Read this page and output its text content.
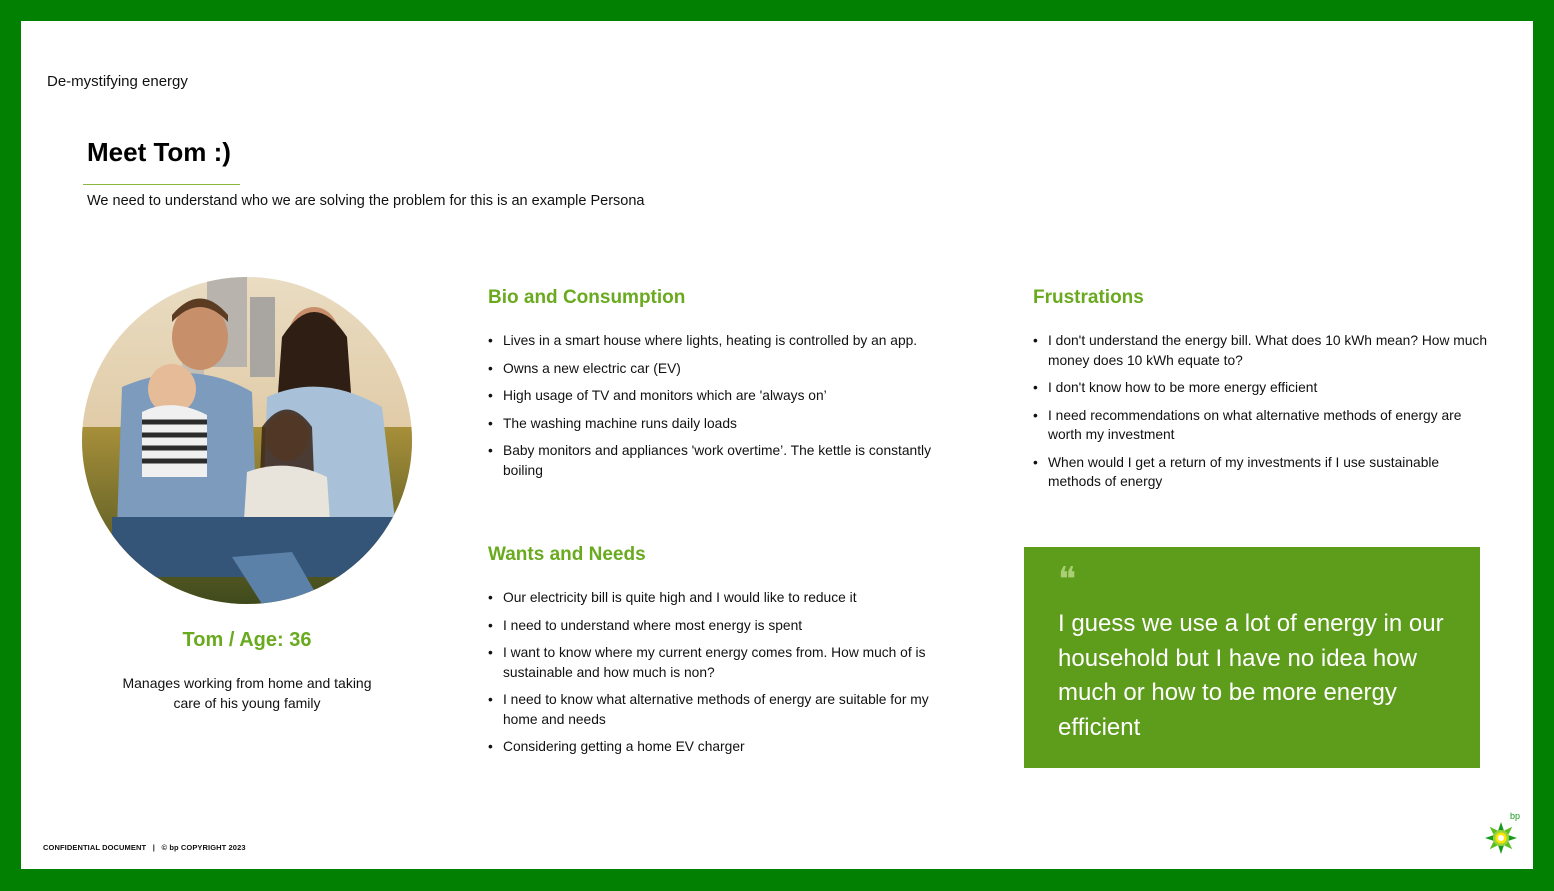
De-mystifying energy
Meet Tom :)
We need to understand who we are solving the problem for this is an example Persona
Tom / Age: 36
Manages working from home and taking care of his young family
Bio and Consumption
• Lives in a smart house where lights, heating is controlled by an app.
• Owns a new electric car (EV)
• High usage of TV and monitors which are 'always on’
• The washing machine runs daily loads
• Baby monitors and appliances 'work overtime’. The kettle is constantly boiling
Wants and Needs
• Our electricity bill is quite high and I would like to reduce it
• I need to understand where most energy is spent
• I want to know where my current energy comes from. How much of is sustainable and how much is non?
• I need to know what alternative methods of energy are suitable for my home and needs
• Considering getting a home EV charger
Frustrations
• I don't understand the energy bill. What does 10 kWh mean? How much money does 10 kWh equate to?
• I don't know how to be more energy efficient
• I need recommendations on what alternative methods of energy are worth my investment
• When would I get a return of my investments if I use sustainable methods of energy
❝
I guess we use a lot of energy in our household but I have no idea how much or how to be more energy efficient
CONFIDENTIAL DOCUMENT   |   © bp COPYRIGHT 2023
bp
